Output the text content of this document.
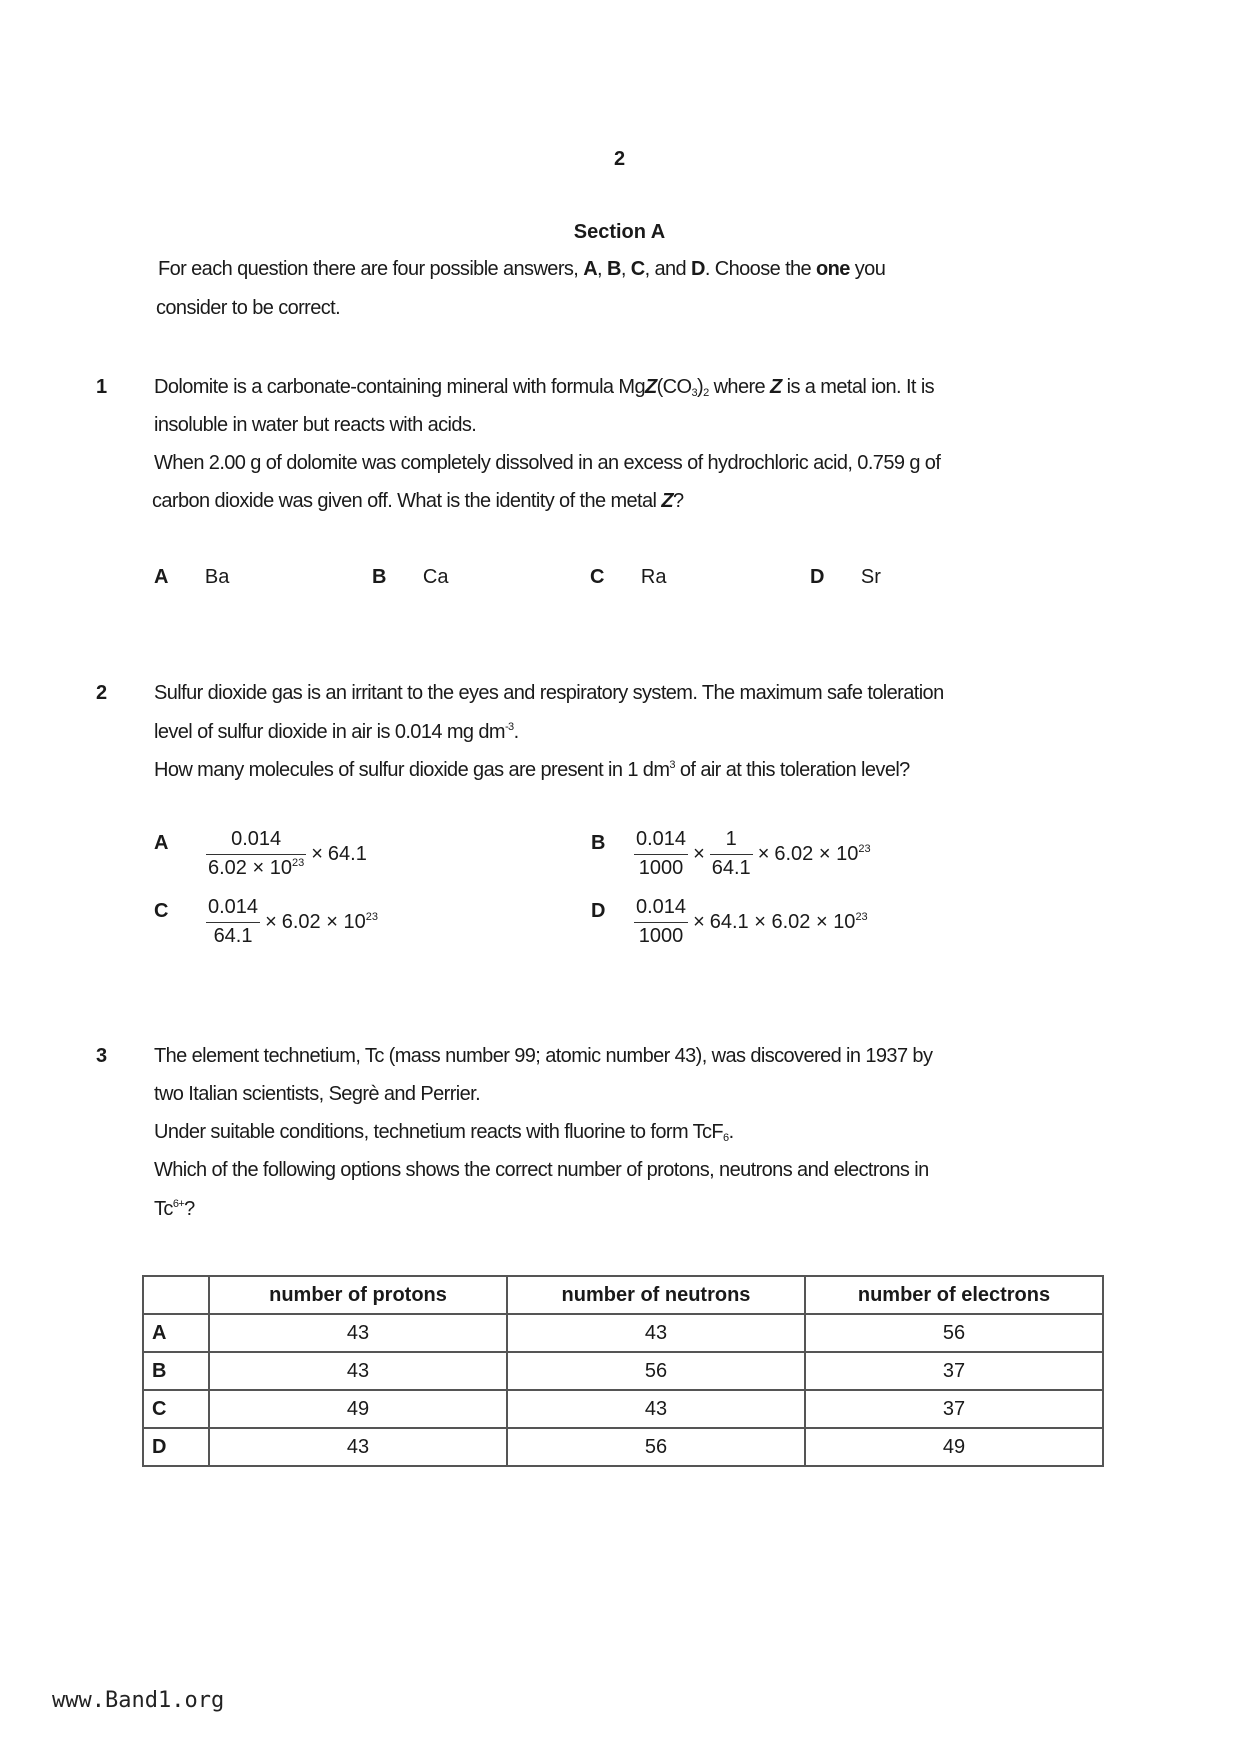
2
Section A
For each question there are four possible answers, A, B, C, and D. Choose the one you
consider to be correct.
1 Dolomite is a carbonate-containing mineral with formula $MgZ(CO_3)_2$ where Z is a metal ion. It is
insoluble in water but reacts with acids.
When 2.00 g of dolomite was completely dissolved in an excess of hydrochloric acid, 0.759 g of
carbon dioxide was given off. What is the identity of the metal Z?
A Ba	B Ca	C Ra	D Sr
2 Sulfur dioxide gas is an irritant to the eyes and respiratory system. The maximum safe toleration
level of sulfur dioxide in air is 0.014 mg $dm^{-3}$.
How many molecules of sulfur dioxide gas are present in 1 $dm^3$ of air at this toleration level?
A $\frac{0.014}{6.02 \times 10^{23}} \times 64.1$	B $\frac{0.014}{1000} \times \frac{1}{64.1} \times 6.02 \times 10^{23}$
C $\frac{0.014}{64.1} \times 6.02 \times 10^{23}$	D $\frac{0.014}{1000} \times 64.1 \times 6.02 \times 10^{23}$
3 The element technetium, Tc (mass number 99; atomic number 43), was discovered in 1937 by
two Italian scientists, Segrè and Perrier.
Under suitable conditions, technetium reacts with fluorine to form TcF$_6$.
Which of the following options shows the correct number of protons, neutrons and electrons in
$Tc^{6+}$?
	number of protons	number of neutrons	number of electrons
A	43	43	56
B	43	56	37
C	49	43	37
D	43	56	49
www.Band1.org
